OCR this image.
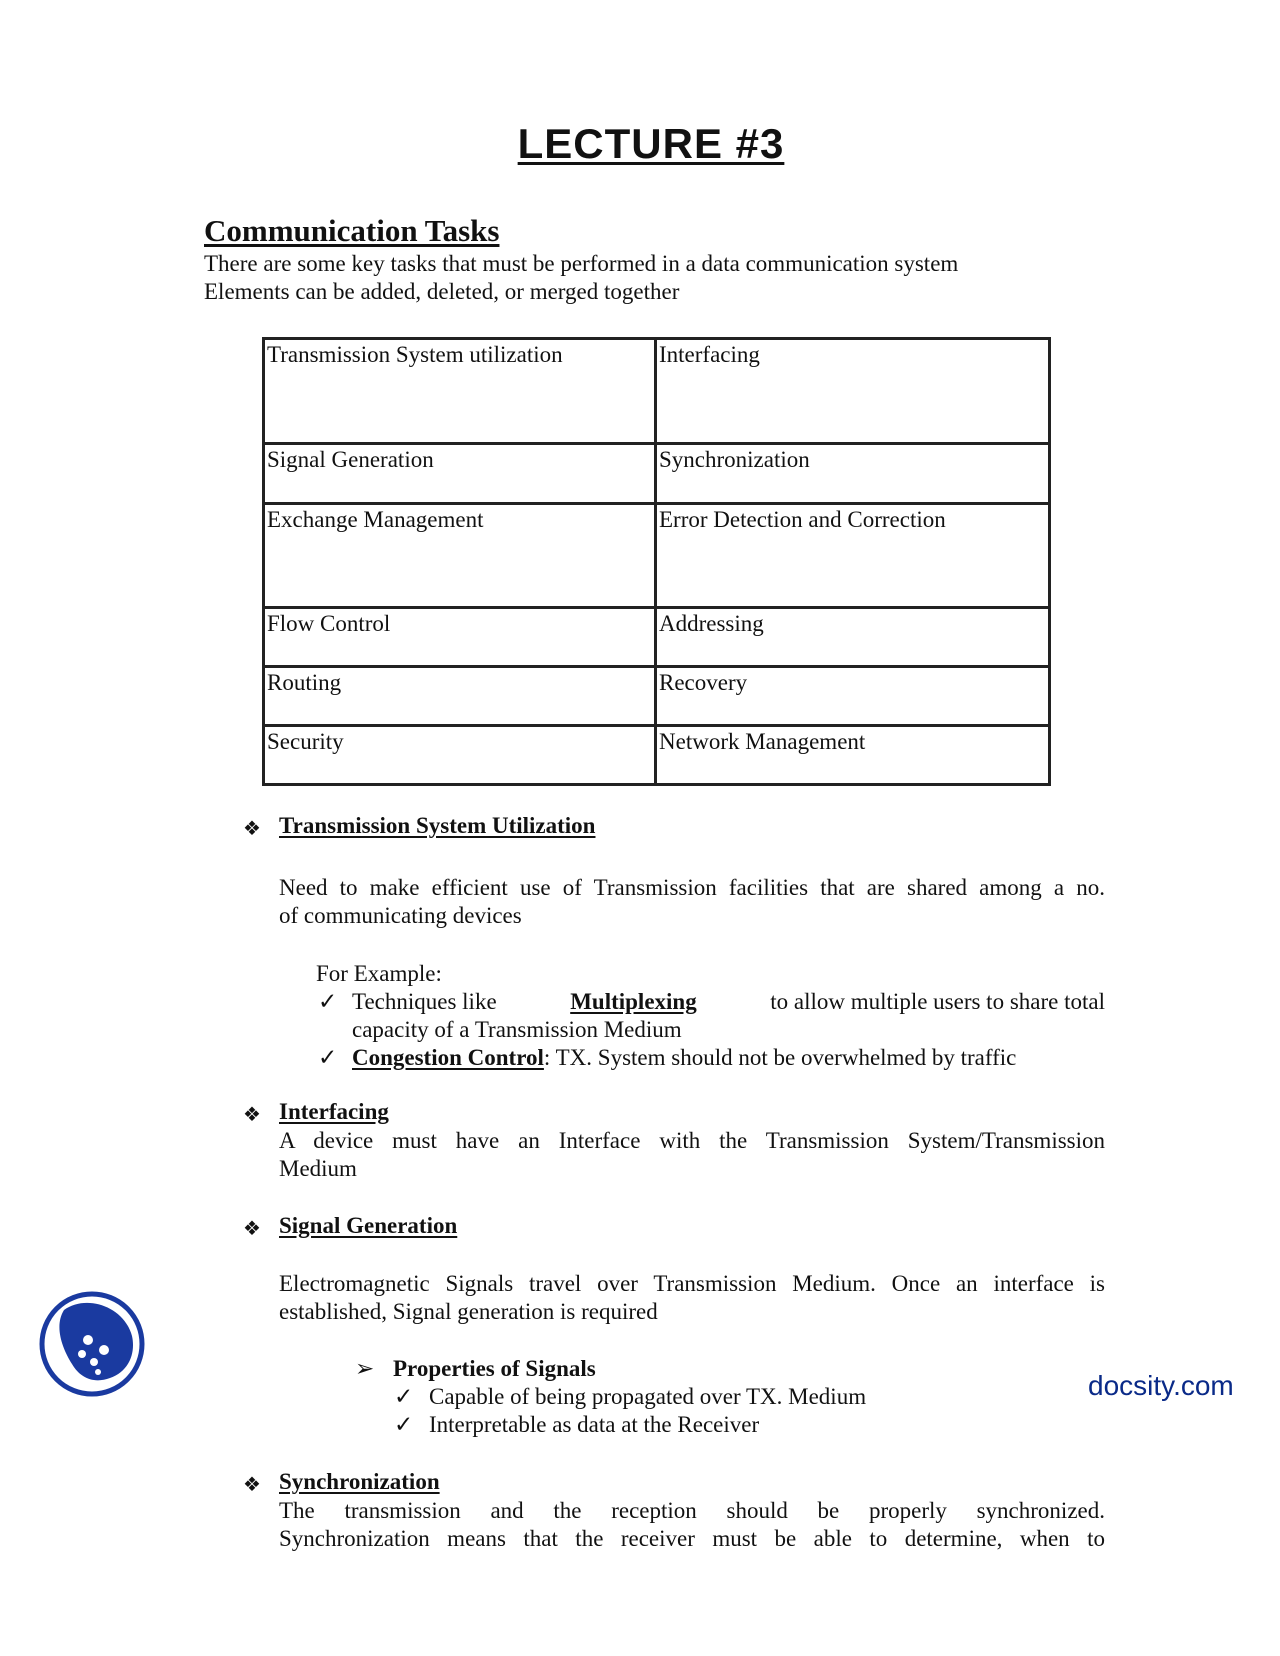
LECTURE #3
Communication Tasks
There are some key tasks that must be performed in a data communication system
Elements can be added, deleted, or merged together
Transmission System utilization	Interfacing
Signal Generation	Synchronization
Exchange Management	Error Detection and Correction
Flow Control	Addressing
Routing	Recovery
Security	Network Management
❖ Transmission System Utilization
Need to make efficient use of Transmission facilities that are shared among a no.
of communicating devices
For Example:
✓ Techniques like	Multiplexing	to allow multiple users to share total
capacity of a Transmission Medium
✓ Congestion Control: TX. System should not be overwhelmed by traffic
❖ Interfacing
A device must have an Interface with the Transmission System/Transmission
Medium
❖ Signal Generation
Electromagnetic Signals travel over Transmission Medium. Once an interface is
established, Signal generation is required
➢ Properties of Signals
✓ Capable of being propagated over TX. Medium
✓ Interpretable as data at the Receiver
❖ Synchronization
The transmission and the reception should be properly synchronized.
Synchronization means that the receiver must be able to determine, when to
docsity.com
